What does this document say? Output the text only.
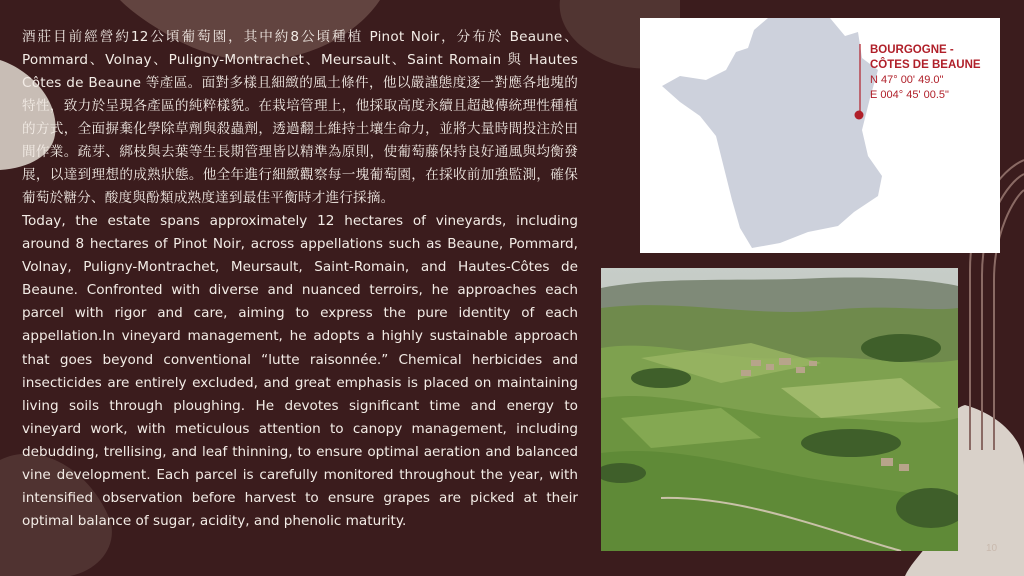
酒莊目前經營約12公頃葡萄園，其中約8公頃種植 Pinot Noir，分布於 Beaune、Pommard、Volnay、Puligny-Montrachet、Meursault、Saint Romain 與 Hautes Côtes de Beaune 等產區。面對多樣且細緻的風土條件，他以嚴謹態度逐一對應各地塊的特性，致力於呈現各產區的純粹樣貌。在栽培管理上，他採取高度永續且超越傳統理性種植的方式，全面摒棄化學除草劑與殺蟲劑，透過翻土維持土壤生命力，並將大量時間投注於田間作業。疏芽、綁枝與去葉等生長期管理皆以精準為原則，使葡萄藤保持良好通風與均衡發展，以達到理想的成熟狀態。他全年進行細緻觀察每一塊葡萄園，在採收前加強監測，確保葡萄於糖分、酸度與酚類成熟度達到最佳平衡時才進行採摘。

Today, the estate spans approximately 12 hectares of vineyards, including around 8 hectares of Pinot Noir, across appellations such as Beaune, Pommard, Volnay, Puligny-Montrachet, Meursault, Saint-Romain, and Hautes-Côtes de Beaune. Confronted with diverse and nuanced terroirs, he approaches each parcel with rigor and care, aiming to express the pure identity of each appellation.In vineyard management, he adopts a highly sustainable approach that goes beyond conventional “lutte raisonnée.” Chemical herbicides and insecticides are entirely excluded, and great emphasis is placed on maintaining living soils through ploughing. He devotes significant time and energy to vineyard work, with meticulous attention to canopy management, including debudding, trellising, and leaf thinning, to ensure optimal aeration and balanced vine development. Each parcel is carefully monitored throughout the year, with intensified observation before harvest to ensure grapes are picked at their optimal balance of sugar, acidity, and phenolic maturity.

BOURGOGNE -
CÔTES DE BEAUNE
N 47° 00' 49.0"
E 004° 45' 00.5"
10
